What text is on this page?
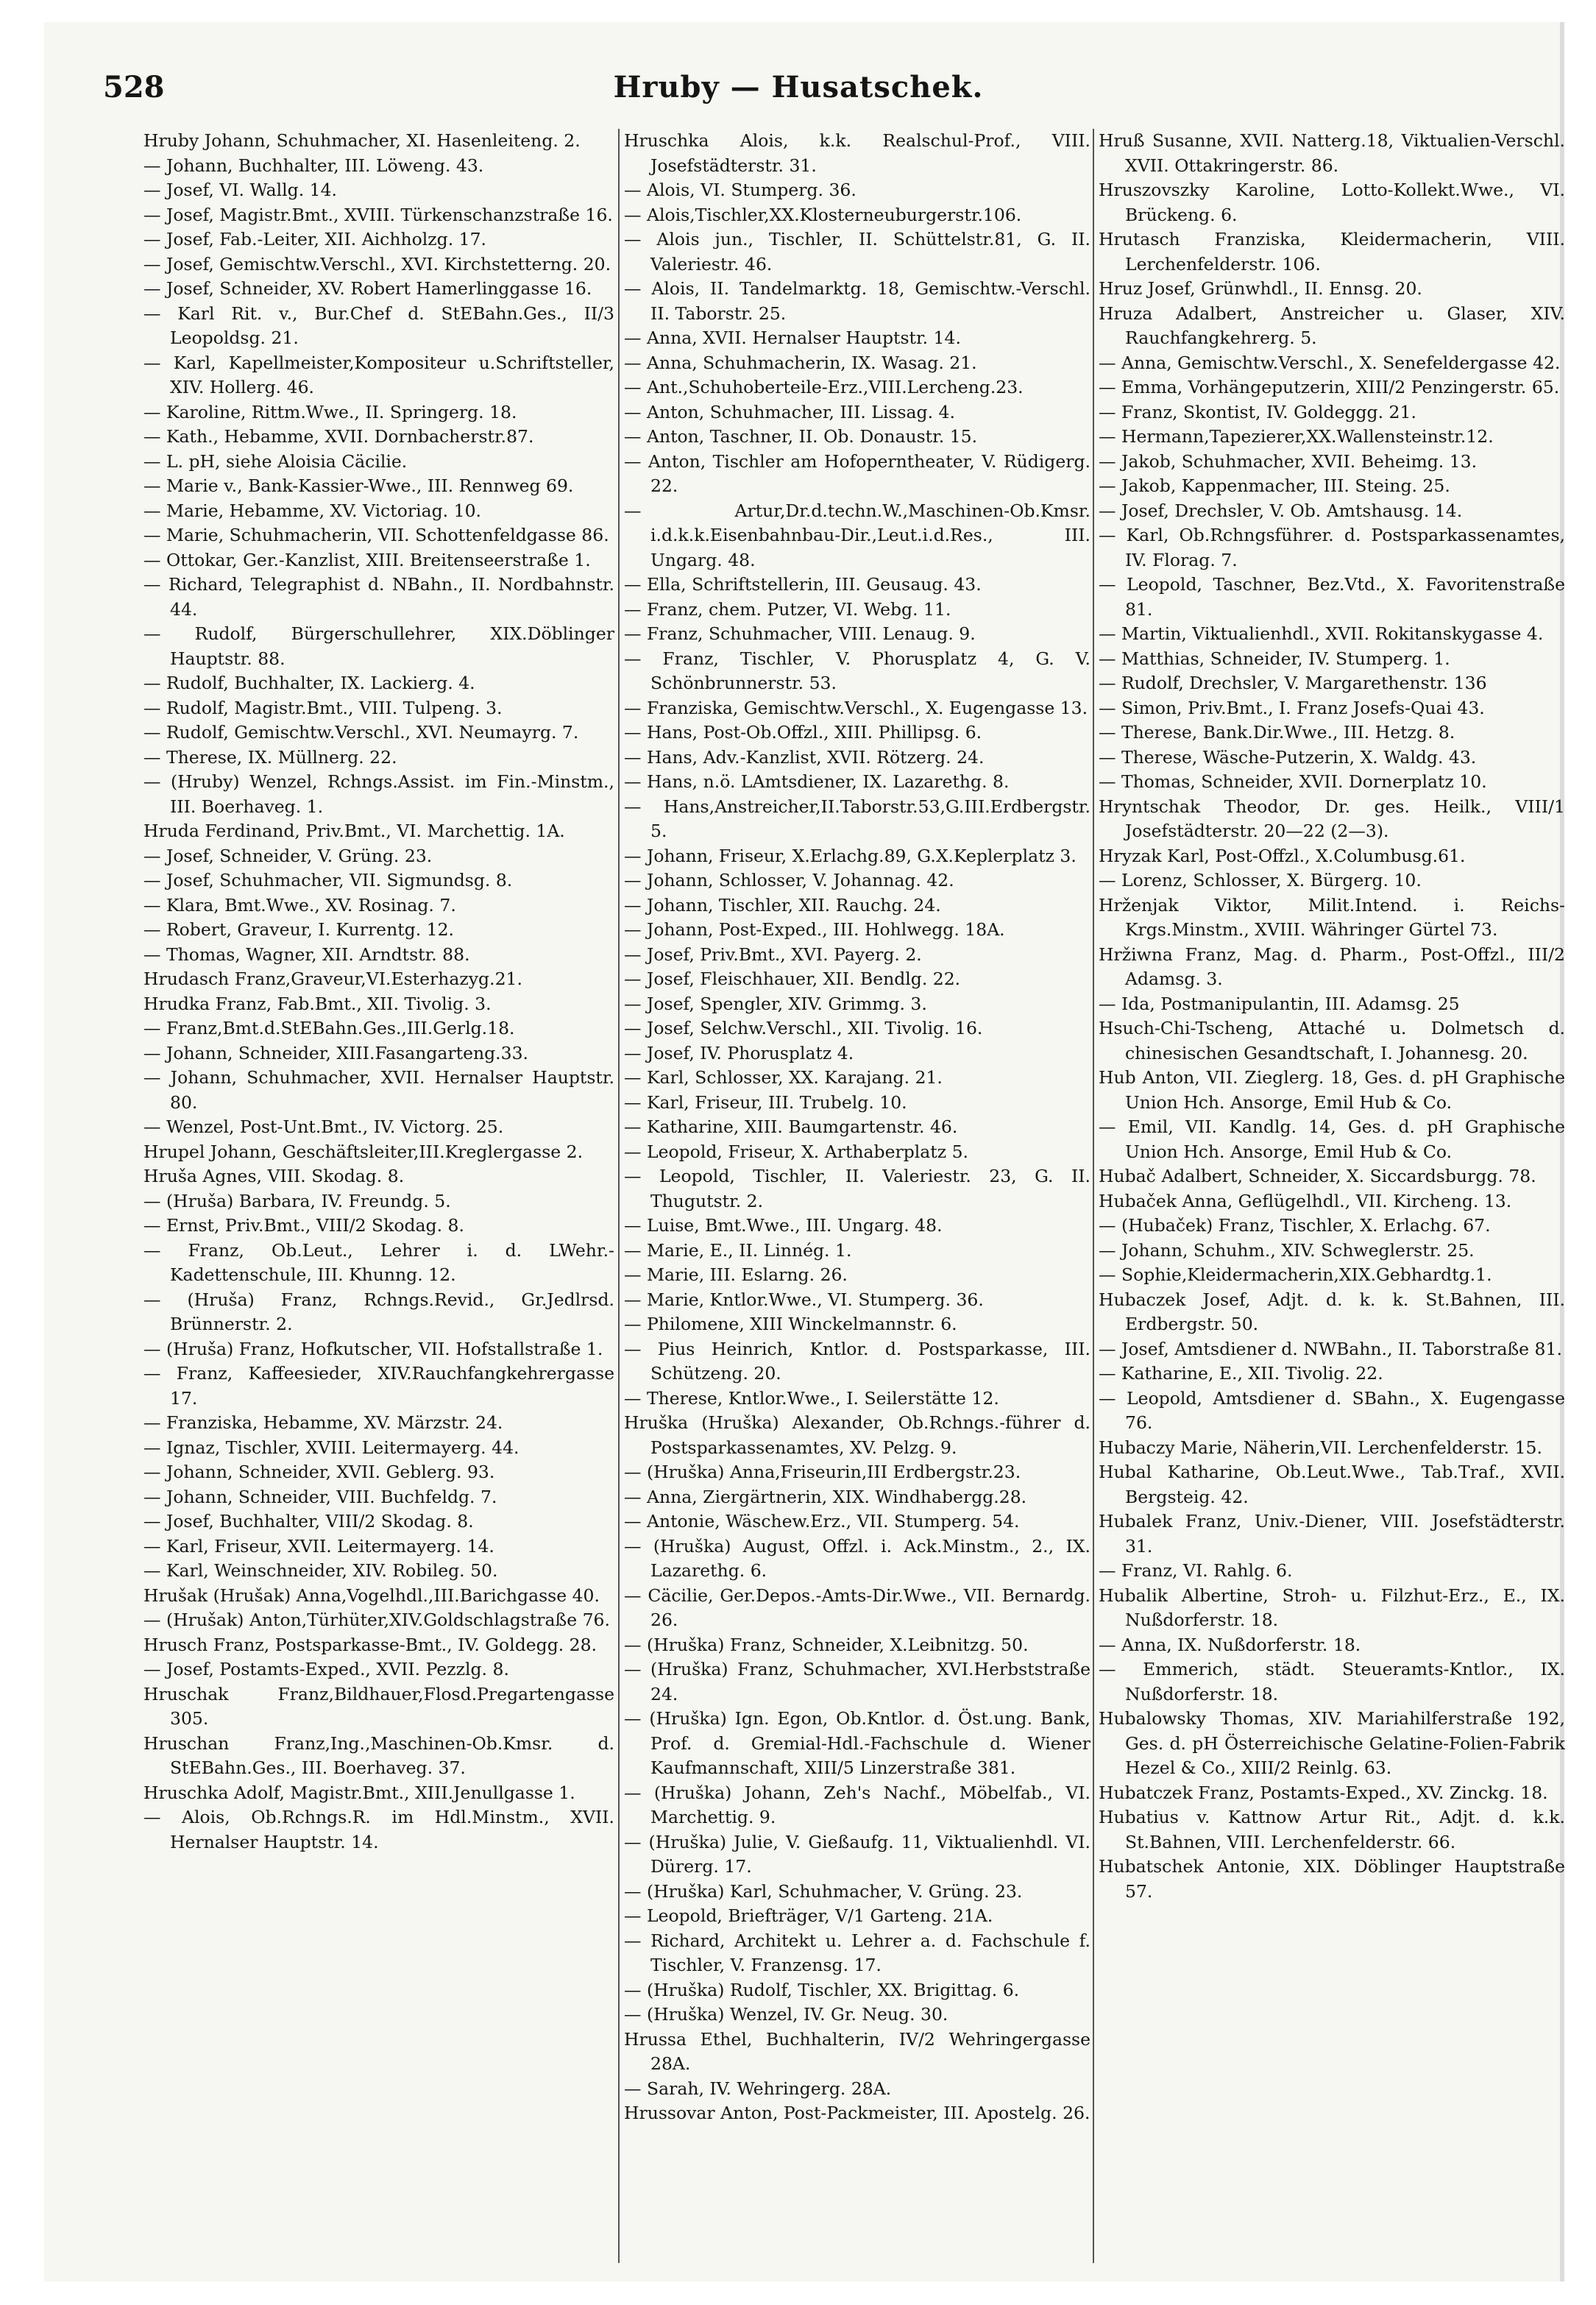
528	Hruby — Husatschek.
Hruby Johann, Schuhmacher, XI. Hasenleiteng. 2.
— Johann, Buchhalter, III. Löweng. 43.
— Josef, VI. Wallg. 14.
— Josef, Magistr.Bmt., XVIII. Türkenschanzstraße 16.
— Josef, Fab.-Leiter, XII. Aichholzg. 17.
— Josef, Gemischtw.Verschl., XVI. Kirchstetterng. 20.
— Josef, Schneider, XV. Robert Hamerlinggasse 16.
— Karl Rit. v., Bur.Chef d. StEBahn.Ges., II/3 Leopoldsg. 21.
— Karl, Kapellmeister,Kompositeur u.Schriftsteller, XIV. Hollerg. 46.
— Karoline, Rittm.Wwe., II. Springerg. 18.
— Kath., Hebamme, XVII. Dornbacherstr.87.
— L. pH, siehe Aloisia Cäcilie.
— Marie v., Bank-Kassier-Wwe., III. Rennweg 69.
— Marie, Hebamme, XV. Victoriag. 10.
— Marie, Schuhmacherin, VII. Schottenfeldgasse 86.
— Ottokar, Ger.-Kanzlist, XIII. Breitenseerstraße 1.
— Richard, Telegraphist d. NBahn., II. Nordbahnstr. 44.
— Rudolf, Bürgerschullehrer, XIX.Döblinger Hauptstr. 88.
— Rudolf, Buchhalter, IX. Lackierg. 4.
— Rudolf, Magistr.Bmt., VIII. Tulpeng. 3.
— Rudolf, Gemischtw.Verschl., XVI. Neumayrg. 7.
— Therese, IX. Müllnerg. 22.
— (Hruby) Wenzel, Rchngs.Assist. im Fin.-Minstm., III. Boerhaveg. 1.
Hruda Ferdinand, Priv.Bmt., VI. Marchettig. 1A.
— Josef, Schneider, V. Grüng. 23.
— Josef, Schuhmacher, VII. Sigmundsg. 8.
— Klara, Bmt.Wwe., XV. Rosinag. 7.
— Robert, Graveur, I. Kurrentg. 12.
— Thomas, Wagner, XII. Arndtstr. 88.
Hrudasch Franz,Graveur,VI.Esterhazyg.21.
Hrudka Franz, Fab.Bmt., XII. Tivolig. 3.
— Franz,Bmt.d.StEBahn.Ges.,III.Gerlg.18.
— Johann, Schneider, XIII.Fasangarteng.33.
— Johann, Schuhmacher, XVII. Hernalser Hauptstr. 80.
— Wenzel, Post-Unt.Bmt., IV. Victorg. 25.
Hrupel Johann, Geschäftsleiter,III.Kreglergasse 2.
Hruša Agnes, VIII. Skodag. 8.
— (Hruša) Barbara, IV. Freundg. 5.
— Ernst, Priv.Bmt., VIII/2 Skodag. 8.
— Franz, Ob.Leut., Lehrer i. d. LWehr.-Kadettenschule, III. Khunng. 12.
— (Hruša) Franz, Rchngs.Revid., Gr.Jedlrsd. Brünnerstr. 2.
— (Hruša) Franz, Hofkutscher, VII. Hofstallstraße 1.
— Franz, Kaffeesieder, XIV.Rauchfangkehrergasse 17.
— Franziska, Hebamme, XV. Märzstr. 24.
— Ignaz, Tischler, XVIII. Leitermayerg. 44.
— Johann, Schneider, XVII. Geblerg. 93.
— Johann, Schneider, VIII. Buchfeldg. 7.
— Josef, Buchhalter, VIII/2 Skodag. 8.
— Karl, Friseur, XVII. Leitermayerg. 14.
— Karl, Weinschneider, XIV. Robileg. 50.
Hrušak (Hrušak) Anna,Vogelhdl.,III.Barichgasse 40.
— (Hrušak) Anton,Türhüter,XIV.Goldschlagstraße 76.
Hrusch Franz, Postsparkasse-Bmt., IV. Goldegg. 28.
— Josef, Postamts-Exped., XVII. Pezzlg. 8.
Hruschak Franz,Bildhauer,Flosd.Pregartengasse 305.
Hruschan Franz,Ing.,Maschinen-Ob.Kmsr. d. StEBahn.Ges., III. Boerhaveg. 37.
Hruschka Adolf, Magistr.Bmt., XIII.Jenullgasse 1.
— Alois, Ob.Rchngs.R. im Hdl.Minstm., XVII. Hernalser Hauptstr. 14.
Hruschka Alois, k.k. Realschul-Prof., VIII. Josefstädterstr. 31.
— Alois, VI. Stumperg. 36.
— Alois,Tischler,XX.Klosterneuburgerstr.106.
— Alois jun., Tischler, II. Schüttelstr.81, G. II. Valeriestr. 46.
— Alois, II. Tandelmarktg. 18, Gemischtw.-Verschl. II. Taborstr. 25.
— Anna, XVII. Hernalser Hauptstr. 14.
— Anna, Schuhmacherin, IX. Wasag. 21.
— Ant.,Schuhoberteile-Erz.,VIII.Lercheng.23.
— Anton, Schuhmacher, III. Lissag. 4.
— Anton, Taschner, II. Ob. Donaustr. 15.
— Anton, Tischler am Hofoperntheater, V. Rüdigerg. 22.
— Artur,Dr.d.techn.W.,Maschinen-Ob.Kmsr. i.d.k.k.Eisenbahnbau-Dir.,Leut.i.d.Res., III. Ungarg. 48.
— Ella, Schriftstellerin, III. Geusaug. 43.
— Franz, chem. Putzer, VI. Webg. 11.
— Franz, Schuhmacher, VIII. Lenaug. 9.
— Franz, Tischler, V. Phorusplatz 4, G. V. Schönbrunnerstr. 53.
— Franziska, Gemischtw.Verschl., X. Eugengasse 13.
— Hans, Post-Ob.Offzl., XIII. Phillipsg. 6.
— Hans, Adv.-Kanzlist, XVII. Rötzerg. 24.
— Hans, n.ö. LAmtsdiener, IX. Lazarethg. 8.
— Hans,Anstreicher,II.Taborstr.53,G.III.Erdbergstr. 5.
— Johann, Friseur, X.Erlachg.89, G.X.Keplerplatz 3.
— Johann, Schlosser, V. Johannag. 42.
— Johann, Tischler, XII. Rauchg. 24.
— Johann, Post-Exped., III. Hohlwegg. 18A.
— Josef, Priv.Bmt., XVI. Payerg. 2.
— Josef, Fleischhauer, XII. Bendlg. 22.
— Josef, Spengler, XIV. Grimmg. 3.
— Josef, Selchw.Verschl., XII. Tivolig. 16.
— Josef, IV. Phorusplatz 4.
— Karl, Schlosser, XX. Karajang. 21.
— Karl, Friseur, III. Trubelg. 10.
— Katharine, XIII. Baumgartenstr. 46.
— Leopold, Friseur, X. Arthaberplatz 5.
— Leopold, Tischler, II. Valeriestr. 23, G. II. Thugutstr. 2.
— Luise, Bmt.Wwe., III. Ungarg. 48.
— Marie, E., II. Linnég. 1.
— Marie, III. Eslarng. 26.
— Marie, Kntlor.Wwe., VI. Stumperg. 36.
— Philomene, XIII Winckelmannstr. 6.
— Pius Heinrich, Kntlor. d. Postsparkasse, III. Schützeng. 20.
— Therese, Kntlor.Wwe., I. Seilerstätte 12.
Hruška (Hruška) Alexander, Ob.Rchngs.-führer d. Postsparkassenamtes, XV. Pelzg. 9.
— (Hruška) Anna,Friseurin,III Erdbergstr.23.
— Anna, Ziergärtnerin, XIX. Windhabergg.28.
— Antonie, Wäschew.Erz., VII. Stumperg. 54.
— (Hruška) August, Offzl. i. Ack.Minstm., 2., IX. Lazarethg. 6.
— Cäcilie, Ger.Depos.-Amts-Dir.Wwe., VII. Bernardg. 26.
— (Hruška) Franz, Schneider, X.Leibnitzg. 50.
— (Hruška) Franz, Schuhmacher, XVI.Herbststraße 24.
— (Hruška) Ign. Egon, Ob.Kntlor. d. Öst.ung. Bank, Prof. d. Gremial-Hdl.-Fachschule d. Wiener Kaufmannschaft, XIII/5 Linzerstraße 381.
— (Hruška) Johann, Zeh's Nachf., Möbelfab., VI. Marchettig. 9.
— (Hruška) Julie, V. Gießaufg. 11, Viktualienhdl. VI. Dürerg. 17.
— (Hruška) Karl, Schuhmacher, V. Grüng. 23.
— Leopold, Briefträger, V/1 Garteng. 21A.
— Richard, Architekt u. Lehrer a. d. Fachschule f. Tischler, V. Franzensg. 17.
— (Hruška) Rudolf, Tischler, XX. Brigittag. 6.
— (Hruška) Wenzel, IV. Gr. Neug. 30.
Hrussa Ethel, Buchhalterin, IV/2 Wehringergasse 28A.
— Sarah, IV. Wehringerg. 28A.
Hrussovar Anton, Post-Packmeister, III. Apostelg. 26.
Hruß Susanne, XVII. Natterg.18, Viktualien-Verschl. XVII. Ottakringerstr. 86.
Hruszovszky Karoline, Lotto-Kollekt.Wwe., VI. Brückeng. 6.
Hrutasch Franziska, Kleidermacherin, VIII. Lerchenfelderstr. 106.
Hruz Josef, Grünwhdl., II. Ennsg. 20.
Hruza Adalbert, Anstreicher u. Glaser, XIV. Rauchfangkehrerg. 5.
— Anna, Gemischtw.Verschl., X. Senefeldergasse 42.
— Emma, Vorhängeputzerin, XIII/2 Penzingerstr. 65.
— Franz, Skontist, IV. Goldeggg. 21.
— Hermann,Tapezierer,XX.Wallensteinstr.12.
— Jakob, Schuhmacher, XVII. Beheimg. 13.
— Jakob, Kappenmacher, III. Steing. 25.
— Josef, Drechsler, V. Ob. Amtshausg. 14.
— Karl, Ob.Rchngsführer. d. Postsparkassenamtes, IV. Florag. 7.
— Leopold, Taschner, Bez.Vtd., X. Favoritenstraße 81.
— Martin, Viktualienhdl., XVII. Rokitanskygasse 4.
— Matthias, Schneider, IV. Stumperg. 1.
— Rudolf, Drechsler, V. Margarethenstr. 136
— Simon, Priv.Bmt., I. Franz Josefs-Quai 43.
— Therese, Bank.Dir.Wwe., III. Hetzg. 8.
— Therese, Wäsche-Putzerin, X. Waldg. 43.
— Thomas, Schneider, XVII. Dornerplatz 10.
Hryntschak Theodor, Dr. ges. Heilk., VIII/1 Josefstädterstr. 20—22 (2—3).
Hryzak Karl, Post-Offzl., X.Columbusg.61.
— Lorenz, Schlosser, X. Bürgerg. 10.
Hrženjak Viktor, Milit.Intend. i. Reichs-Krgs.Minstm., XVIII. Währinger Gürtel 73.
Hržiwna Franz, Mag. d. Pharm., Post-Offzl., III/2 Adamsg. 3.
— Ida, Postmanipulantin, III. Adamsg. 25
Hsuch-Chi-Tscheng, Attaché u. Dolmetsch d. chinesischen Gesandtschaft, I. Johannesg. 20.
Hub Anton, VII. Zieglerg. 18, Ges. d. pH Graphische Union Hch. Ansorge, Emil Hub & Co.
— Emil, VII. Kandlg. 14, Ges. d. pH Graphische Union Hch. Ansorge, Emil Hub & Co.
Hubač Adalbert, Schneider, X. Siccardsburgg. 78.
Hubaček Anna, Geflügelhdl., VII. Kircheng. 13.
— (Hubaček) Franz, Tischler, X. Erlachg. 67.
— Johann, Schuhm., XIV. Schweglerstr. 25.
— Sophie,Kleidermacherin,XIX.Gebhardtg.1.
Hubaczek Josef, Adjt. d. k. k. St.Bahnen, III. Erdbergstr. 50.
— Josef, Amtsdiener d. NWBahn., II. Taborstraße 81.
— Katharine, E., XII. Tivolig. 22.
— Leopold, Amtsdiener d. SBahn., X. Eugengasse 76.
Hubaczy Marie, Näherin,VII. Lerchenfelderstr. 15.
Hubal Katharine, Ob.Leut.Wwe., Tab.Traf., XVII. Bergsteig. 42.
Hubalek Franz, Univ.-Diener, VIII. Josefstädterstr. 31.
— Franz, VI. Rahlg. 6.
Hubalik Albertine, Stroh- u. Filzhut-Erz., E., IX. Nußdorferstr. 18.
— Anna, IX. Nußdorferstr. 18.
— Emmerich, städt. Steueramts-Kntlor., IX. Nußdorferstr. 18.
Hubalowsky Thomas, XIV. Mariahilferstraße 192, Ges. d. pH Österreichische Gelatine-Folien-Fabrik Hezel & Co., XIII/2 Reinlg. 63.
Hubatczek Franz, Postamts-Exped., XV. Zinckg. 18.
Hubatius v. Kattnow Artur Rit., Adjt. d. k.k. St.Bahnen, VIII. Lerchenfelderstr. 66.
Hubatschek Antonie, XIX. Döblinger Hauptstraße 57.
